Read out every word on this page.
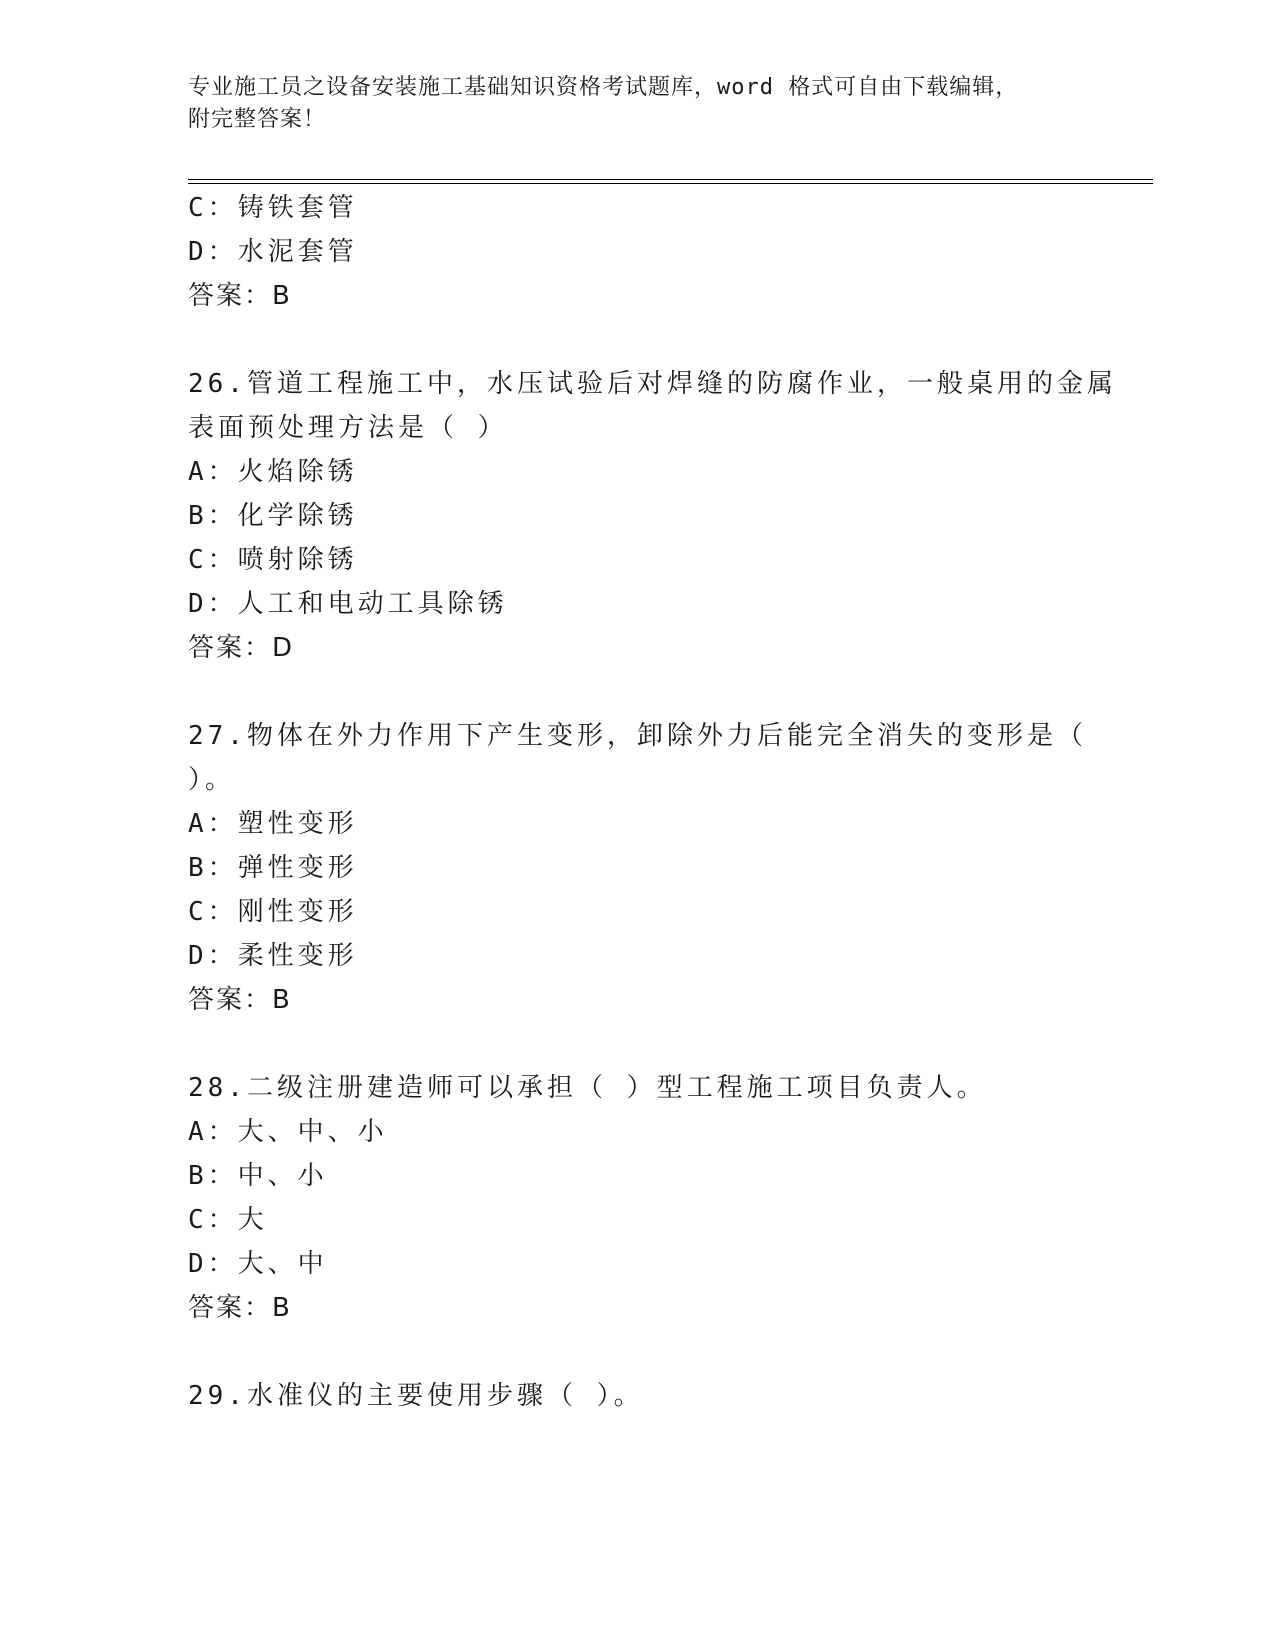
专业施工员之设备安装施工基础知识资格考试题库，word 格式可自由下载编辑，
附完整答案！
C：铸铁套管
D：水泥套管
答案：B
26.管道工程施工中，水压试验后对焊缝的防腐作业，一般桌用的金属
表面预处理方法是（ ）
A：火焰除锈
B：化学除锈
C：喷射除锈
D：人工和电动工具除锈
答案：D
27.物体在外力作用下产生变形，卸除外力后能完全消失的变形是（
）。
A：塑性变形
B：弹性变形
C：刚性变形
D：柔性变形
答案：B
28.二级注册建造师可以承担（ ）型工程施工项目负责人。
A：大、中、小
B：中、小
C：大
D：大、中
答案：B
29.水准仪的主要使用步骤（ ）。
